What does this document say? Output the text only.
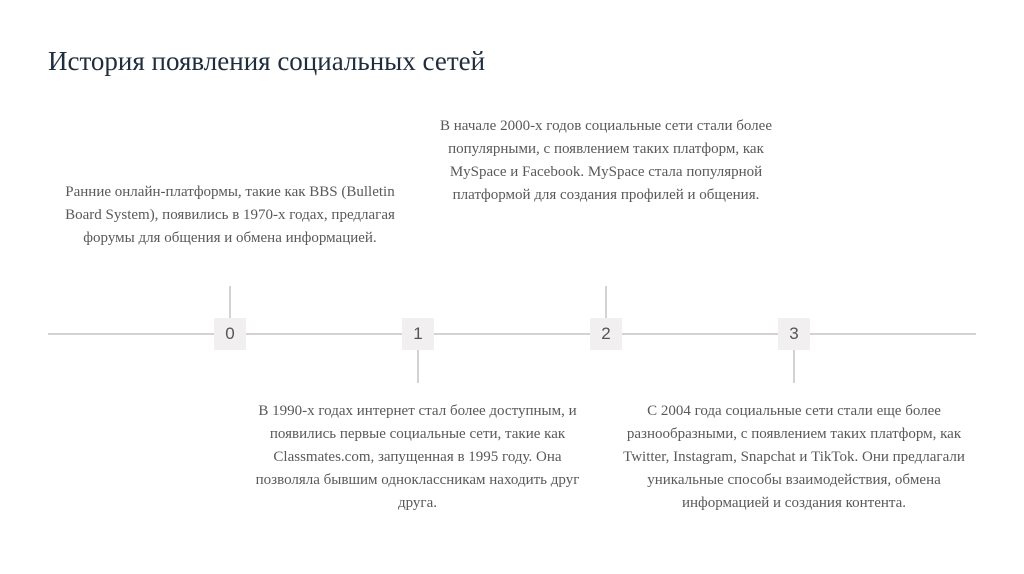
История появления социальных сетей
0	1	2	3

Ранние онлайн-платформы, такие как BBS (Bulletin Board System), появились в 1970-х годах, предлагая форумы для общения и обмена информацией.

В 1990-х годах интернет стал более доступным, и появились первые социальные сети, такие как Classmates.com, запущенная в 1995 году. Она позволяла бывшим одноклассникам находить друг друга.

В начале 2000-х годов социальные сети стали более популярными, с появлением таких платформ, как MySpace и Facebook. MySpace стала популярной платформой для создания профилей и общения.

С 2004 года социальные сети стали еще более разнообразными, с появлением таких платформ, как Twitter, Instagram, Snapchat и TikTok. Они предлагали уникальные способы взаимодействия, обмена информацией и создания контента.
